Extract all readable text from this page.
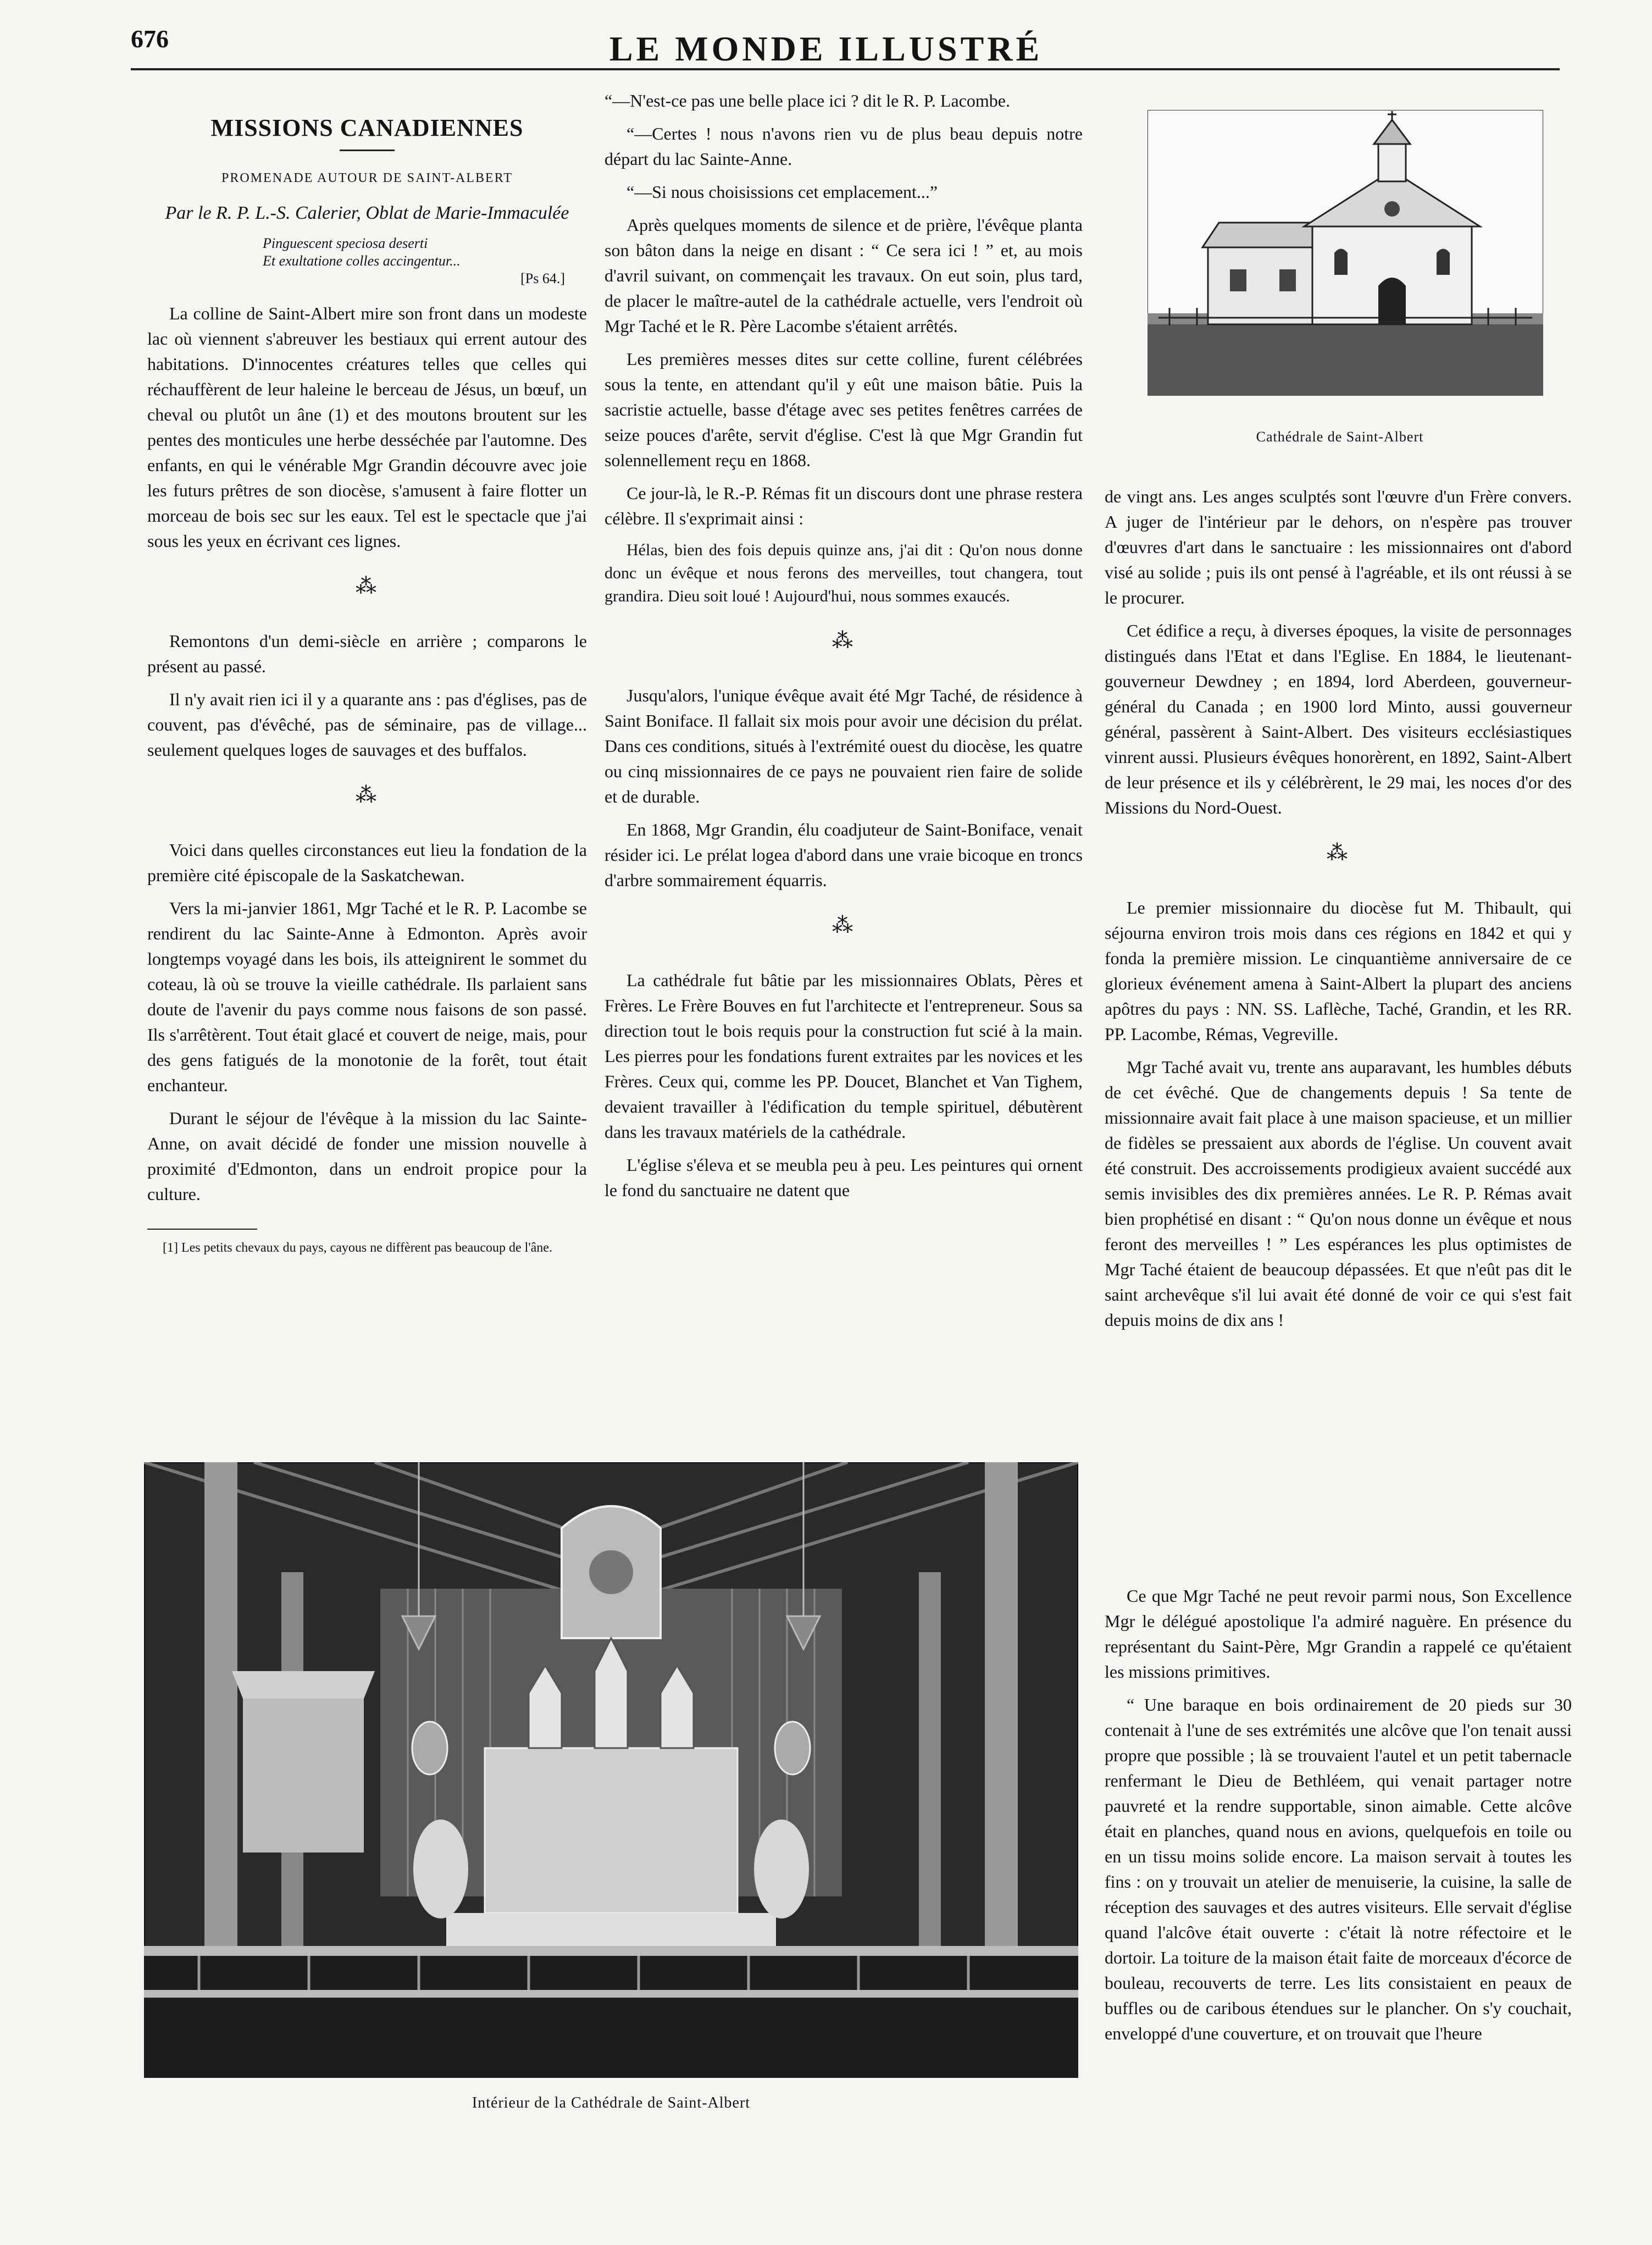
676	LE MONDE ILLUSTRÉ
MISSIONS CANADIENNES
PROMENADE AUTOUR DE SAINT-ALBERT
Par le R. P. L.-S. Calerier, Oblat de Marie-Immaculée
Pinguescent speciosa deserti
Et exultatione colles accingentur...
[Ps 64.]

La colline de Saint-Albert mire son front dans un modeste lac où viennent s'abreuver les bestiaux qui errent autour des habitations. D'innocentes créatures telles que celles qui réchauffèrent de leur haleine le berceau de Jésus, un bœuf, un cheval ou plutôt un âne (1) et des moutons broutent sur les pentes des monticules une herbe desséchée par l'automne. Des enfants, en qui le vénérable Mgr Grandin découvre avec joie les futurs prêtres de son diocèse, s'amusent à faire flotter un morceau de bois sec sur les eaux. Tel est le spectacle que j'ai sous les yeux en écrivant ces lignes.

⁂

Remontons d'un demi-siècle en arrière ; comparons le présent au passé.

Il n'y avait rien ici il y a quarante ans : pas d'églises, pas de couvent, pas d'évêché, pas de séminaire, pas de village... seulement quelques loges de sauvages et des buffalos.

⁂

Voici dans quelles circonstances eut lieu la fondation de la première cité épiscopale de la Saskatchewan.

Vers la mi-janvier 1861, Mgr Taché et le R. P. Lacombe se rendirent du lac Sainte-Anne à Edmonton. Après avoir longtemps voyagé dans les bois, ils atteignirent le sommet du coteau, là où se trouve la vieille cathédrale. Ils parlaient sans doute de l'avenir du pays comme nous faisons de son passé. Ils s'arrêtèrent. Tout était glacé et couvert de neige, mais, pour des gens fatigués de la monotonie de la forêt, tout était enchanteur.

Durant le séjour de l'évêque à la mission du lac Sainte-Anne, on avait décidé de fonder une mission nouvelle à proximité d'Edmonton, dans un endroit propice pour la culture.

[1] Les petits chevaux du pays, cayous ne diffèrent pas beaucoup de l'âne.

“—N'est-ce pas une belle place ici ? dit le R. P. Lacombe.

“—Certes ! nous n'avons rien vu de plus beau depuis notre départ du lac Sainte-Anne.

“—Si nous choisissions cet emplacement...”

Après quelques moments de silence et de prière, l'évêque planta son bâton dans la neige en disant : “ Ce sera ici ! ” et, au mois d'avril suivant, on commençait les travaux. On eut soin, plus tard, de placer le maître-autel de la cathédrale actuelle, vers l'endroit où Mgr Taché et le R. Père Lacombe s'étaient arrêtés.

Les premières messes dites sur cette colline, furent célébrées sous la tente, en attendant qu'il y eût une maison bâtie. Puis la sacristie actuelle, basse d'étage avec ses petites fenêtres carrées de seize pouces d'arête, servit d'église. C'est là que Mgr Grandin fut solennellement reçu en 1868.

Ce jour-là, le R.-P. Rémas fit un discours dont une phrase restera célèbre. Il s'exprimait ainsi :

Hélas, bien des fois depuis quinze ans, j'ai dit : Qu'on nous donne donc un évêque et nous ferons des merveilles, tout changera, tout grandira. Dieu soit loué ! Aujourd'hui, nous sommes exaucés.

⁂

Jusqu'alors, l'unique évêque avait été Mgr Taché, de résidence à Saint Boniface. Il fallait six mois pour avoir une décision du prélat. Dans ces conditions, situés à l'extrémité ouest du diocèse, les quatre ou cinq missionnaires de ce pays ne pouvaient rien faire de solide et de durable.

En 1868, Mgr Grandin, élu coadjuteur de Saint-Boniface, venait résider ici. Le prélat logea d'abord dans une vraie bicoque en troncs d'arbre sommairement équarris.

⁂

La cathédrale fut bâtie par les missionnaires Oblats, Pères et Frères. Le Frère Bouves en fut l'architecte et l'entrepreneur. Sous sa direction tout le bois requis pour la construction fut scié à la main. Les pierres pour les fondations furent extraites par les novices et les Frères. Ceux qui, comme les PP. Doucet, Blanchet et Van Tighem, devaient travailler à l'édification du temple spirituel, débutèrent dans les travaux matériels de la cathédrale.

L'église s'éleva et se meubla peu à peu. Les peintures qui ornent le fond du sanctuaire ne datent que

Cathédrale de Saint-Albert

de vingt ans. Les anges sculptés sont l'œuvre d'un Frère convers. A juger de l'intérieur par le dehors, on n'espère pas trouver d'œuvres d'art dans le sanctuaire : les missionnaires ont d'abord visé au solide ; puis ils ont pensé à l'agréable, et ils ont réussi à se le procurer.

Cet édifice a reçu, à diverses époques, la visite de personnages distingués dans l'Etat et dans l'Eglise. En 1884, le lieutenant-gouverneur Dewdney ; en 1894, lord Aberdeen, gouverneur-général du Canada ; en 1900 lord Minto, aussi gouverneur général, passèrent à Saint-Albert. Des visiteurs ecclésiastiques vinrent aussi. Plusieurs évêques honorèrent, en 1892, Saint-Albert de leur présence et ils y célébrèrent, le 29 mai, les noces d'or des Missions du Nord-Ouest.

⁂

Le premier missionnaire du diocèse fut M. Thibault, qui séjourna environ trois mois dans ces régions en 1842 et qui y fonda la première mission. Le cinquantième anniversaire de ce glorieux événement amena à Saint-Albert la plupart des anciens apôtres du pays : NN. SS. Laflèche, Taché, Grandin, et les RR. PP. Lacombe, Rémas, Vegreville.

Mgr Taché avait vu, trente ans auparavant, les humbles débuts de cet évêché. Que de changements depuis ! Sa tente de missionnaire avait fait place à une maison spacieuse, et un millier de fidèles se pressaient aux abords de l'église. Un couvent avait été construit. Des accroissements prodigieux avaient succédé aux semis invisibles des dix premières années. Le R. P. Rémas avait bien prophétisé en disant : “ Qu'on nous donne un évêque et nous feront des merveilles ! ” Les espérances les plus optimistes de Mgr Taché étaient de beaucoup dépassées. Et que n'eût pas dit le saint archevêque s'il lui avait été donné de voir ce qui s'est fait depuis moins de dix ans !

Ce que Mgr Taché ne peut revoir parmi nous, Son Excellence Mgr le délégué apostolique l'a admiré naguère. En présence du représentant du Saint-Père, Mgr Grandin a rappelé ce qu'étaient les missions primitives.

“ Une baraque en bois ordinairement de 20 pieds sur 30 contenait à l'une de ses extrémités une alcôve que l'on tenait aussi propre que possible ; là se trouvaient l'autel et un petit tabernacle renfermant le Dieu de Bethléem, qui venait partager notre pauvreté et la rendre supportable, sinon aimable. Cette alcôve était en planches, quand nous en avions, quelquefois en toile ou en un tissu moins solide encore. La maison servait à toutes les fins : on y trouvait un atelier de menuiserie, la cuisine, la salle de réception des sauvages et des autres visiteurs. Elle servait d'église quand l'alcôve était ouverte : c'était là notre réfectoire et le dortoir. La toiture de la maison était faite de morceaux d'écorce de bouleau, recouverts de terre. Les lits consistaient en peaux de buffles ou de caribous étendues sur le plancher. On s'y couchait, enveloppé d'une couverture, et on trouvait que l'heure

Intérieur de la Cathédrale de Saint-Albert
